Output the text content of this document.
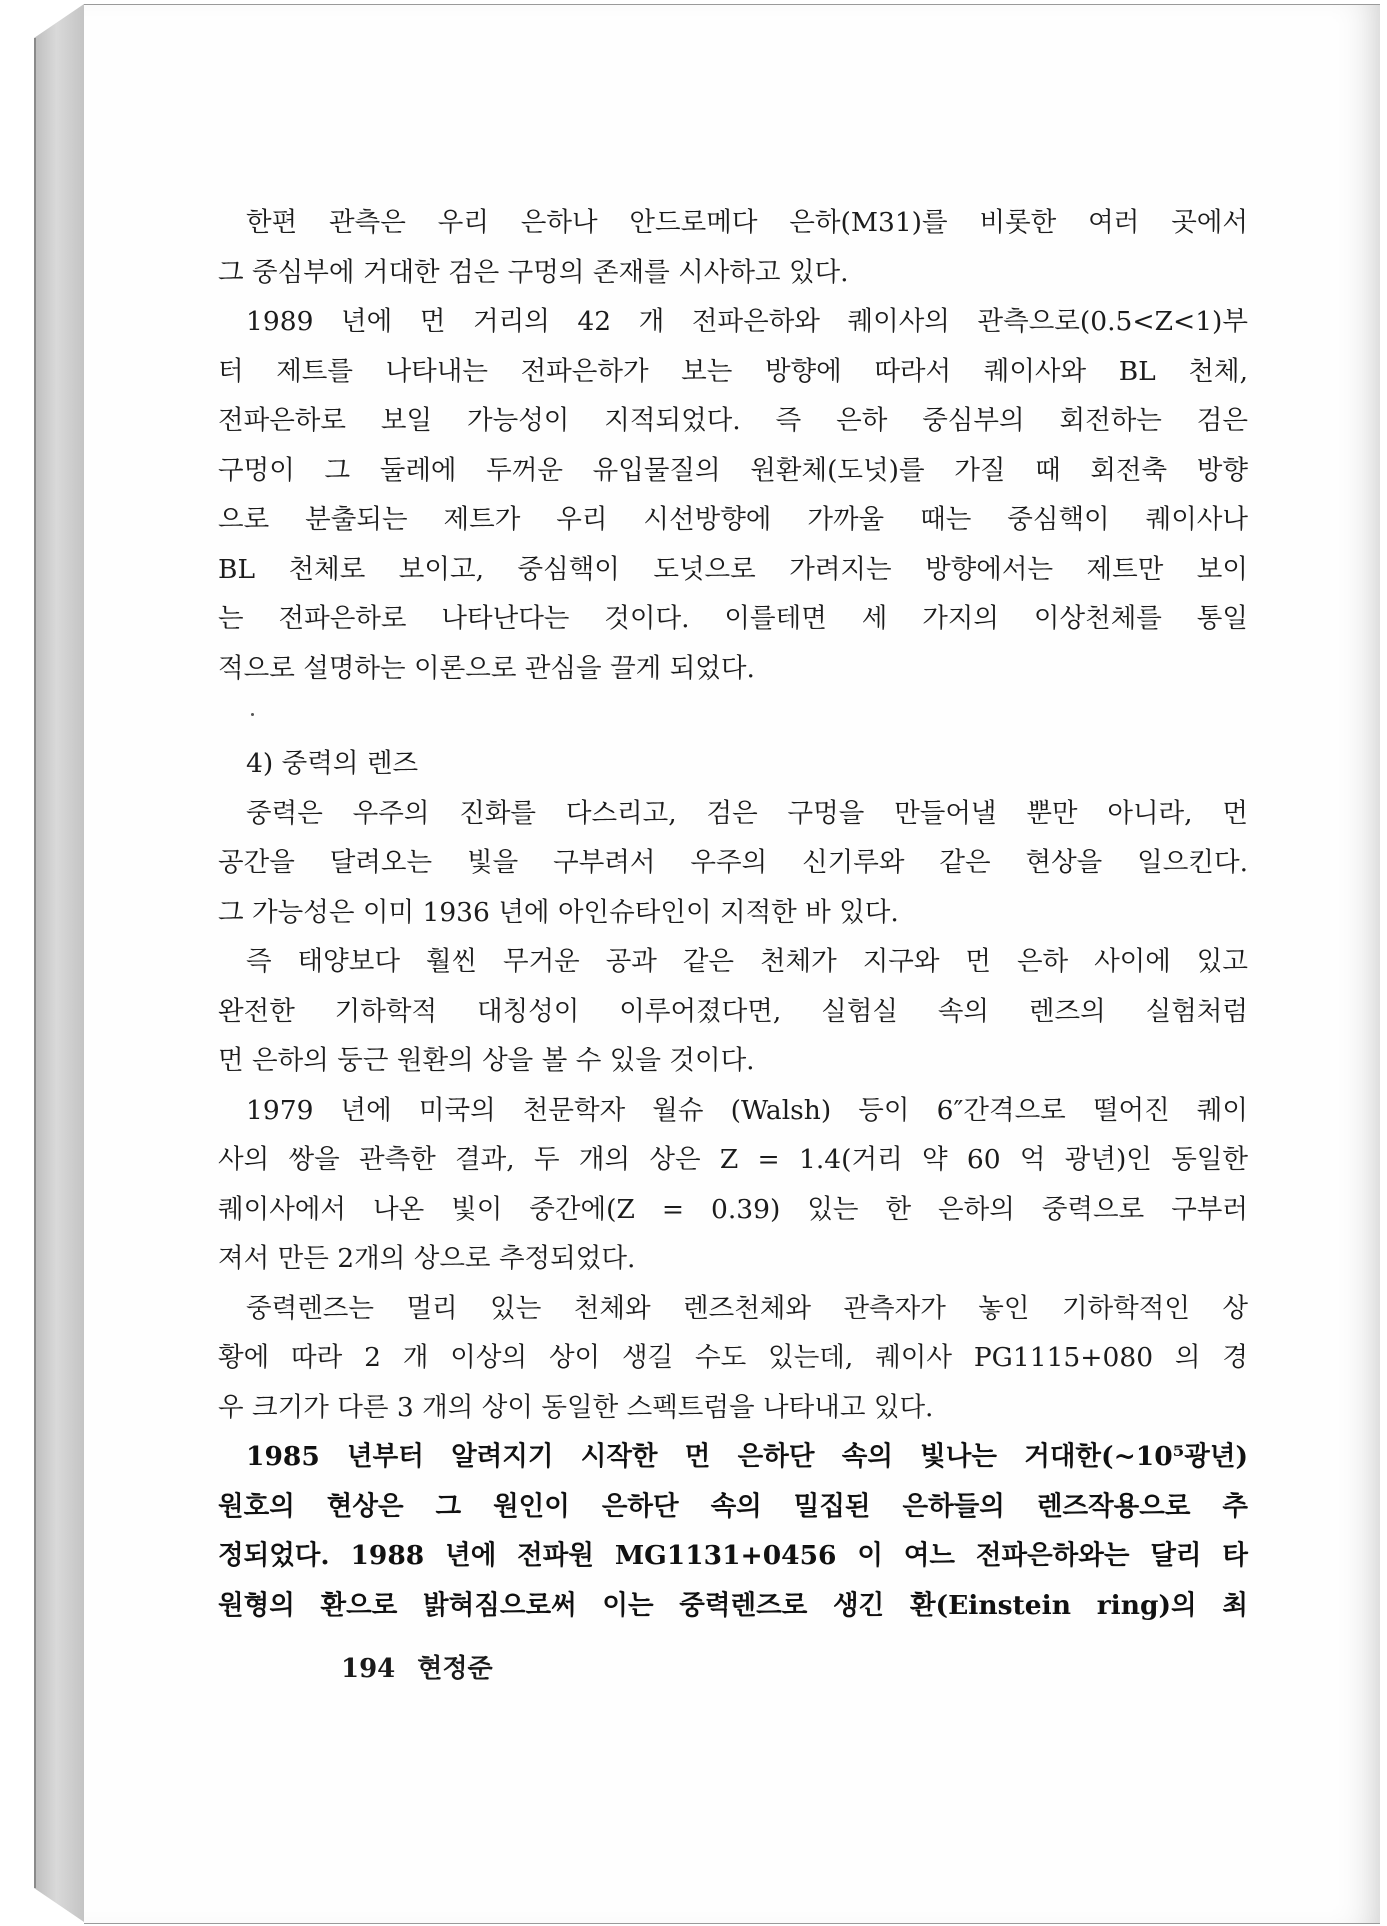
한편 관측은 우리 은하나 안드로메다 은하(M31)를 비롯한 여러 곳에서
그 중심부에 거대한 검은 구멍의 존재를 시사하고 있다.
1989 년에 먼 거리의 42 개 전파은하와 퀘이사의 관측으로(0.5<Z<1)부
터 제트를 나타내는 전파은하가 보는 방향에 따라서 퀘이사와 BL 천체,
전파은하로 보일 가능성이 지적되었다. 즉 은하 중심부의 회전하는 검은
구멍이 그 둘레에 두꺼운 유입물질의 원환체(도넛)를 가질 때 회전축 방향
으로 분출되는 제트가 우리 시선방향에 가까울 때는 중심핵이 퀘이사나
BL 천체로 보이고, 중심핵이 도넛으로 가려지는 방향에서는 제트만 보이
는 전파은하로 나타난다는 것이다. 이를테면 세 가지의 이상천체를 통일
적으로 설명하는 이론으로 관심을 끌게 되었다.
4) 중력의 렌즈
중력은 우주의 진화를 다스리고, 검은 구멍을 만들어낼 뿐만 아니라, 먼
공간을 달려오는 빛을 구부려서 우주의 신기루와 같은 현상을 일으킨다.
그 가능성은 이미 1936 년에 아인슈타인이 지적한 바 있다.
즉 태양보다 훨씬 무거운 공과 같은 천체가 지구와 먼 은하 사이에 있고
완전한 기하학적 대칭성이 이루어졌다면, 실험실 속의 렌즈의 실험처럼
먼 은하의 둥근 원환의 상을 볼 수 있을 것이다.
1979 년에 미국의 천문학자 월슈 (Walsh) 등이 6″간격으로 떨어진 퀘이
사의 쌍을 관측한 결과, 두 개의 상은 Z = 1.4(거리 약 60 억 광년)인 동일한
퀘이사에서 나온 빛이 중간에(Z = 0.39) 있는 한 은하의 중력으로 구부러
져서 만든 2개의 상으로 추정되었다.
중력렌즈는 멀리 있는 천체와 렌즈천체와 관측자가 놓인 기하학적인 상
황에 따라 2 개 이상의 상이 생길 수도 있는데, 퀘이사 PG1115+080 의 경
우 크기가 다른 3 개의 상이 동일한 스펙트럼을 나타내고 있다.
1985 년부터 알려지기 시작한 먼 은하단 속의 빛나는 거대한(~10⁵광년)
원호의 현상은 그 원인이 은하단 속의 밀집된 은하들의 렌즈작용으로 추
정되었다. 1988 년에 전파원 MG1131+0456 이 여느 전파은하와는 달리 타
원형의 환으로 밝혀짐으로써 이는 중력렌즈로 생긴 환(Einstein ring)의 최
194 현정준
